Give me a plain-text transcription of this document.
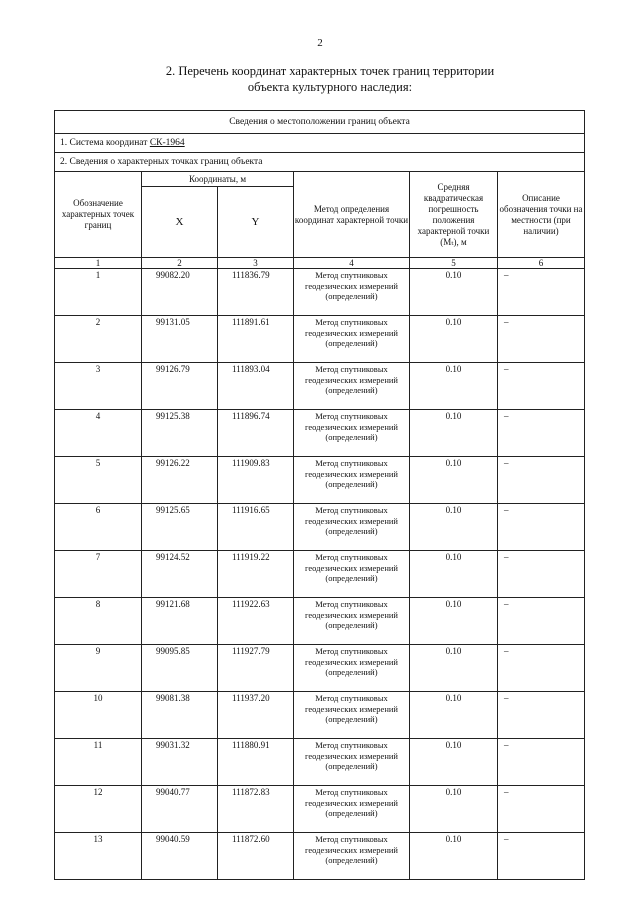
2
2. Перечень координат характерных точек границ территории
объекта культурного наследия:
Сведения о местоположении границ объекта					
1. Система координат СК-1964					
2. Сведения о характерных точках границ объекта					
Обозначение характерных точек границ	Координаты, м		Метод определения координат характерной точки	Средняя квадратическая погрешность положения характерной точки (Mₜ), м	Описание обозначения точки на местности (при наличии)
	X	Y			
1	2	3	4	5	6
1	99082.20	111836.79	Метод спутниковых геодезических измерений (определений)	0.10	–
2	99131.05	111891.61	Метод спутниковых геодезических измерений (определений)	0.10	–
3	99126.79	111893.04	Метод спутниковых геодезических измерений (определений)	0.10	–
4	99125.38	111896.74	Метод спутниковых геодезических измерений (определений)	0.10	–
5	99126.22	111909.83	Метод спутниковых геодезических измерений (определений)	0.10	–
6	99125.65	111916.65	Метод спутниковых геодезических измерений (определений)	0.10	–
7	99124.52	111919.22	Метод спутниковых геодезических измерений (определений)	0.10	–
8	99121.68	111922.63	Метод спутниковых геодезических измерений (определений)	0.10	–
9	99095.85	111927.79	Метод спутниковых геодезических измерений (определений)	0.10	–
10	99081.38	111937.20	Метод спутниковых геодезических измерений (определений)	0.10	–
11	99031.32	111880.91	Метод спутниковых геодезических измерений (определений)	0.10	–
12	99040.77	111872.83	Метод спутниковых геодезических измерений (определений)	0.10	–
13	99040.59	111872.60	Метод спутниковых геодезических измерений (определений)	0.10	–
